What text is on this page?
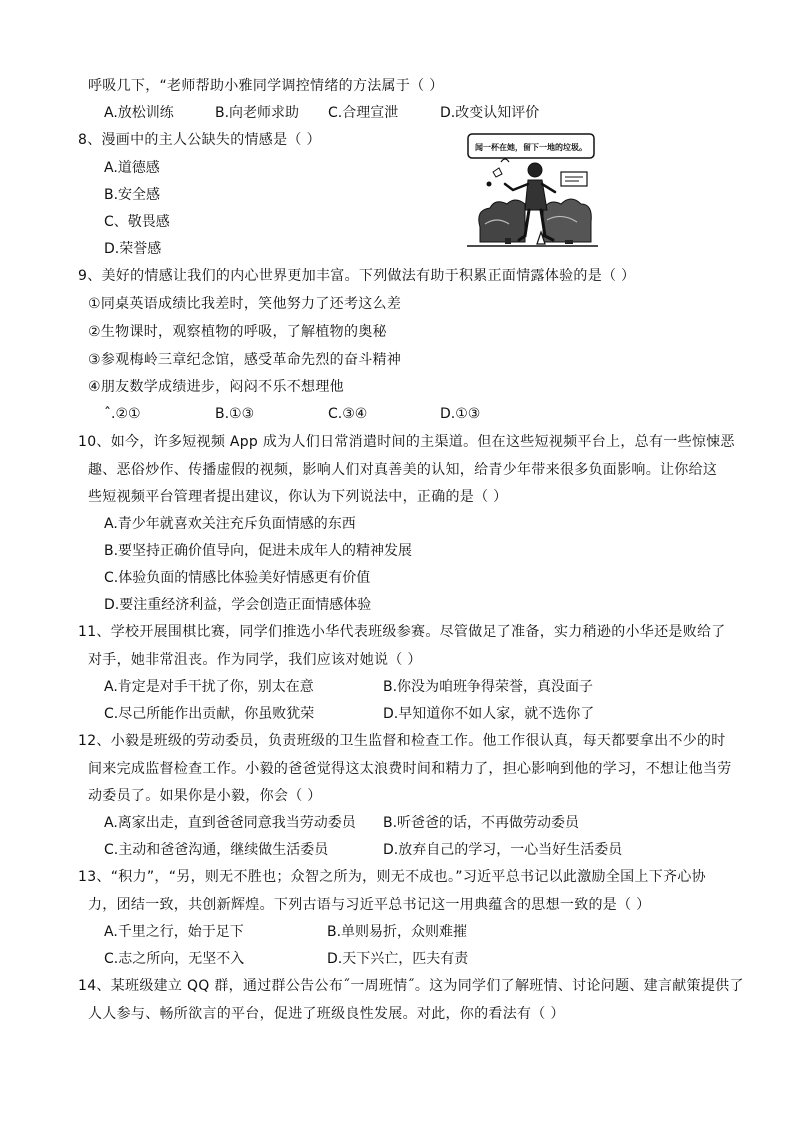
呼吸几下，“老师帮助小雅同学调控情绪的方法属于（ ）
A.放松训练	B.向老师求助 C.合理宣泄	D.改变认知评价
8、漫画中的主人公缺失的情感是（ ）
A.道德感
B.安全感
C、敬畏感
D.荣誉感
闻一杯在她，留下一地的垃圾。
9、美好的情感让我们的内心世界更加丰富。下列做法有助于积累正面情露体验的是（ ）
①同桌英语成绩比我差时，笑他努力了还考这么差
②生物课时，观察植物的呼吸，了解植物的奥秘
③参观梅岭三章纪念馆，感受革命先烈的奋斗精神
④朋友数学成绩进步，闷闷不乐不想理他
ˆ.②①	B.①③	C.③④	D.①③
10、如今，许多短视频 App 成为人们日常消遣时间的主渠道。但在这些短视频平台上，总有一些惊悚恶
趣、恶俗炒作、传播虚假的视频，影响人们对真善美的认知，给青少年带来很多负面影响。让你给这
些短视频平台管理者提出建议，你认为下列说法中，正确的是（ ）
A.青少年就喜欢关注充斥负面情感的东西
B.要坚持正确价值导向，促进未成年人的精神发展
C.体验负面的情感比体验美好情感更有价值
D.要注重经济利益，学会创造正面情感体验
11、学校开展围棋比赛，同学们推选小华代表班级参赛。尽管做足了准备，实力稍逊的小华还是败给了
对手，她非常沮丧。作为同学，我们应该对她说（ ）
A.肯定是对手干扰了你，别太在意	B.你没为咱班争得荣誉，真没面子
C.尽己所能作出贡献，你虽败犹荣	D.早知道你不如人家，就不选你了
12、小毅是班级的劳动委员，负责班级的卫生监督和检查工作。他工作很认真，每天都要拿出不少的时
间来完成监督检查工作。小毅的爸爸觉得这太浪费时间和精力了，担心影响到他的学习，不想让他当劳
动委员了。如果你是小毅，你会（ ）
A.离家出走，直到爸爸同意我当劳动委员 B.听爸爸的话，不再做劳动委员
C.主动和爸爸沟通，继续做生活委员	D.放弃自己的学习，一心当好生活委员
13、“积力”，“另，则无不胜也；众智之所为，则无不成也。”习近平总书记以此激励全国上下齐心协
力，团结一致，共创新辉煌。下列古语与习近平总书记这一用典蕴含的思想一致的是（ ）
A.千里之行，始于足下	B.单则易折，众则难摧
C.志之所向，无坚不入	D.天下兴亡，匹夫有责
14、某班级建立 QQ 群，通过群公告公布˝一周班情˝。这为同学们了解班情、讨论问题、建言献策提供了
人人参与、畅所欲言的平台，促进了班级良性发展。对此，你的看法有（ ）
